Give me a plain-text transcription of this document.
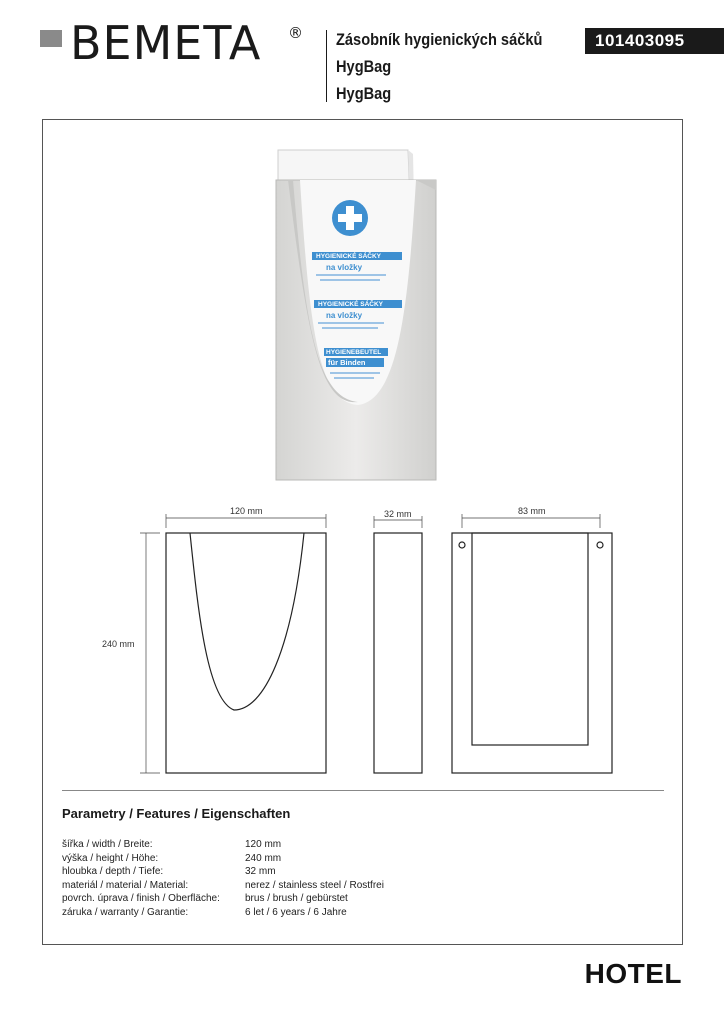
BEMETA ® Zásobník hygienických sáčků
HygBag
HygBag
101403095
HYGIENICKÉ SÁČKY
na vložky
HYGIENICKÉ SÁČKY
na vložky
HYGIENEBEUTEL
für Binden
120 mm
240 mm
32 mm	83 mm
Parametry / Features / Eigenschaften
šířka / width / Breite:	120 mm
výška / height / Höhe:	240 mm
hloubka / depth / Tiefe:	32 mm
materiál / material / Material:	nerez / stainless steel / Rostfrei
povrch. úprava / finish / Oberfläche:	brus / brush / gebürstet
záruka / warranty / Garantie:	6 let / 6 years / 6 Jahre
HOTEL
